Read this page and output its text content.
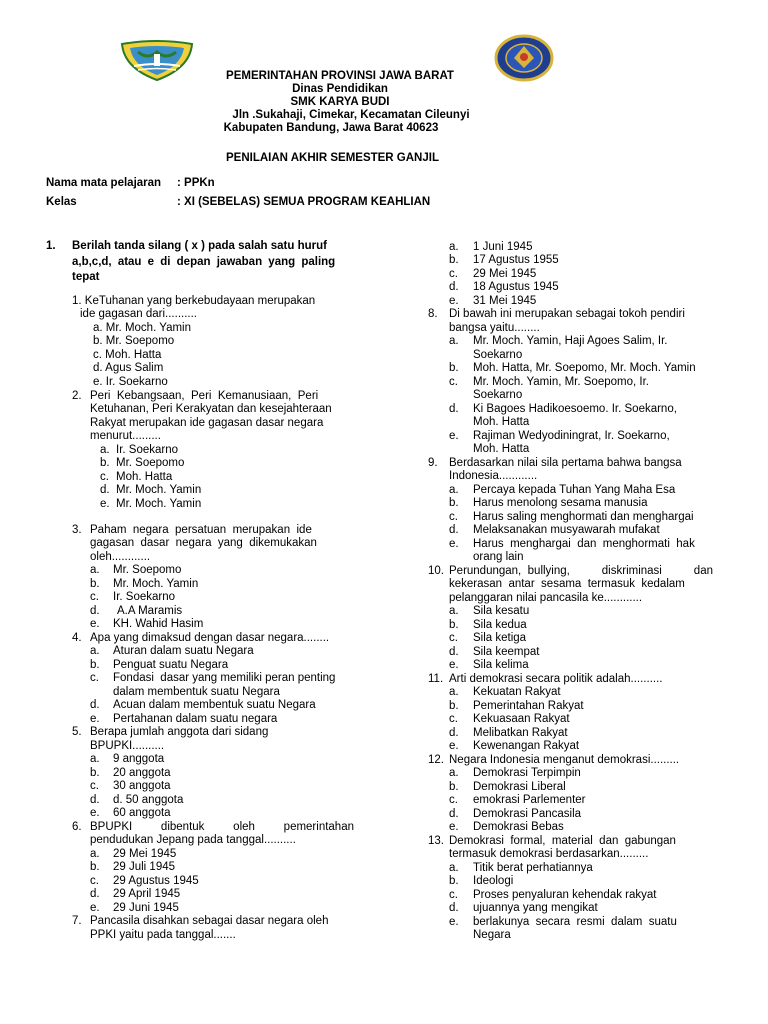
PEMERINTAHAN PROVINSI JAWA BARAT
Dinas Pendidikan
SMK KARYA BUDI
Jln .Sukahaji, Cimekar, Kecamatan Cileunyi
Kabupaten Bandung, Jawa Barat 40623
PENILAIAN AKHIR SEMESTER GANJIL
Nama mata pelajaran : PPKn
Kelas	: XI (SEBELAS) SEMUA PROGRAM KEAHLIAN
1. Berilah tanda silang ( x ) pada salah satu huruf
a,b,c,d, atau e di depan jawaban yang paling
tepat
1. KeTuhanan yang berkebudayaan merupakan
ide gagasan dari..........
a. Mr. Moch. Yamin
b. Mr. Soepomo
c. Moh. Hatta
d. Agus Salim
e. Ir. Soekarno
2. Peri  Kebangsaan,  Peri  Kemanusiaan,  Peri
Ketuhanan, Peri Kerakyatan dan kesejahteraan
Rakyat merupakan ide gagasan dasar negara
menurut.........
a. Ir. Soekarno
b. Mr. Soepomo
c. Moh. Hatta
d. Mr. Moch. Yamin
e. Mr. Moch. Yamin
3. Paham  negara  persatuan  merupakan  ide
gagasan  dasar  negara  yang  dikemukakan
oleh............
a. Mr. Soepomo
b. Mr. Moch. Yamin
c. Ir. Soekarno
d. A.A Maramis
e. KH. Wahid Hasim
4. Apa yang dimaksud dengan dasar negara........
a. Aturan dalam suatu Negara
b. Penguat suatu Negara
c. Fondasi  dasar yang memiliki peran penting
dalam membentuk suatu Negara
d. Acuan dalam membentuk suatu Negara
e. Pertahanan dalam suatu negara
5. Berapa jumlah anggota dari sidang
BPUPKI..........
a. 9 anggota
b. 20 anggota
c. 30 anggota
d. d. 50 anggota
e. 60 anggota
6. BPUPKI         dibentuk         oleh         pemerintahan
pendudukan Jepang pada tanggal..........
a. 29 Mei 1945
b. 29 Juli 1945
c. 29 Agustus 1945
d. 29 April 1945
e. 29 Juni 1945
7. Pancasila disahkan sebagai dasar negara oleh
PPKI yaitu pada tanggal.......
a. 1 Juni 1945
b. 17 Agustus 1955
c. 29 Mei 1945
d. 18 Agustus 1945
e. 31 Mei 1945
8. Di bawah ini merupakan sebagai tokoh pendiri
bangsa yaitu........
a. Mr. Moch. Yamin, Haji Agoes Salim, Ir.
Soekarno
b. Moh. Hatta, Mr. Soepomo, Mr. Moch. Yamin
c. Mr. Moch. Yamin, Mr. Soepomo, Ir.
Soekarno
d. Ki Bagoes Hadikoesoemo. Ir. Soekarno,
Moh. Hatta
e. Rajiman Wedyodiningrat, Ir. Soekarno,
Moh. Hatta
9. Berdasarkan nilai sila pertama bahwa bangsa
Indonesia............
a. Percaya kepada Tuhan Yang Maha Esa
b. Harus menolong sesama manusia
c. Harus saling menghormati dan menghargai
d. Melaksanakan musyawarah mufakat
e. Harus  menghargai  dan  menghormati  hak
orang lain
10. Perundungan,  bullying,          diskriminasi          dan
kekerasan  antar  sesama  termasuk  kedalam
pelanggaran nilai pancasila ke............
a. Sila kesatu
b. Sila kedua
c. Sila ketiga
d. Sila keempat
e. Sila kelima
11. Arti demokrasi secara politik adalah..........
a. Kekuatan Rakyat
b. Pemerintahan Rakyat
c. Kekuasaan Rakyat
d. Melibatkan Rakyat
e. Kewenangan Rakyat
12. Negara Indonesia menganut demokrasi.........
a. Demokrasi Terpimpin
b. Demokrasi Liberal
c. emokrasi Parlementer
d. Demokrasi Pancasila
e. Demokrasi Bebas
13. Demokrasi  formal,  material  dan  gabungan
termasuk demokrasi berdasarkan.........
a. Titik berat perhatiannya
b. Ideologi
c. Proses penyaluran kehendak rakyat
d. ujuannya yang mengikat
e. berlakunya  secara  resmi  dalam  suatu
Negara
